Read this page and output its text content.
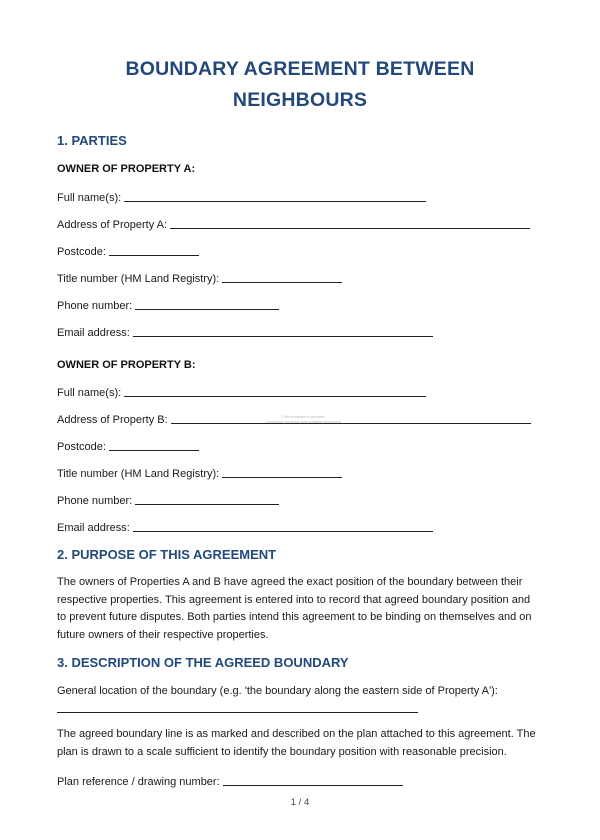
BOUNDARY AGREEMENT BETWEEN
NEIGHBOURS
1. PARTIES
OWNER OF PROPERTY A:
Full name(s):
Address of Property A:
Postcode:
Title number (HM Land Registry):
Phone number:
Email address:
OWNER OF PROPERTY B:
Full name(s):
Address of Property B:
Postcode:
Title number (HM Land Registry):
Phone number:
Email address:
2. PURPOSE OF THIS AGREEMENT
The owners of Properties A and B have agreed the exact position of the boundary between their
respective properties. This agreement is entered into to record that agreed boundary position and
to prevent future disputes. Both parties intend this agreement to be binding on themselves and on
future owners of their respective properties.
3. DESCRIPTION OF THE AGREED BOUNDARY
General location of the boundary (e.g. 'the boundary along the eastern side of Property A'):
The agreed boundary line is as marked and described on the plan attached to this agreement. The
plan is drawn to a scale sufficient to identify the boundary position with reasonable precision.
Plan reference / drawing number:
Find template in preview
Download premium and editable document
1 / 4
